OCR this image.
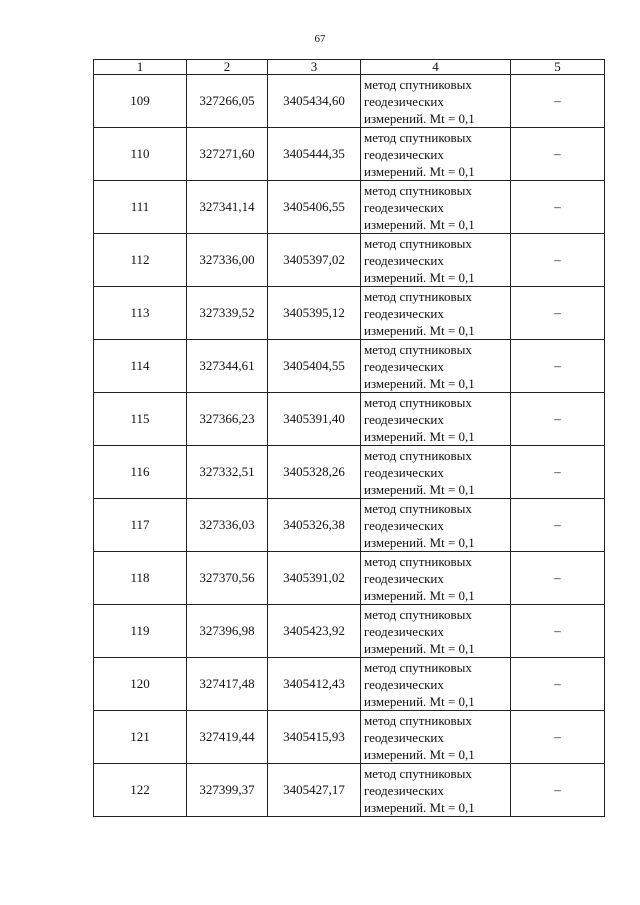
67
1	2	3	4	5
109	327266,05	3405434,60	метод спутниковых
геодезических
измерений. Mt = 0,1	–
110	327271,60	3405444,35	метод спутниковых
геодезических
измерений. Mt = 0,1	–
111	327341,14	3405406,55	метод спутниковых
геодезических
измерений. Mt = 0,1	–
112	327336,00	3405397,02	метод спутниковых
геодезических
измерений. Mt = 0,1	–
113	327339,52	3405395,12	метод спутниковых
геодезических
измерений. Mt = 0,1	–
114	327344,61	3405404,55	метод спутниковых
геодезических
измерений. Mt = 0,1	–
115	327366,23	3405391,40	метод спутниковых
геодезических
измерений. Mt = 0,1	–
116	327332,51	3405328,26	метод спутниковых
геодезических
измерений. Mt = 0,1	–
117	327336,03	3405326,38	метод спутниковых
геодезических
измерений. Mt = 0,1	–
118	327370,56	3405391,02	метод спутниковых
геодезических
измерений. Mt = 0,1	–
119	327396,98	3405423,92	метод спутниковых
геодезических
измерений. Mt = 0,1	–
120	327417,48	3405412,43	метод спутниковых
геодезических
измерений. Mt = 0,1	–
121	327419,44	3405415,93	метод спутниковых
геодезических
измерений. Mt = 0,1	–
122	327399,37	3405427,17	метод спутниковых
геодезических
измерений. Mt = 0,1	–
